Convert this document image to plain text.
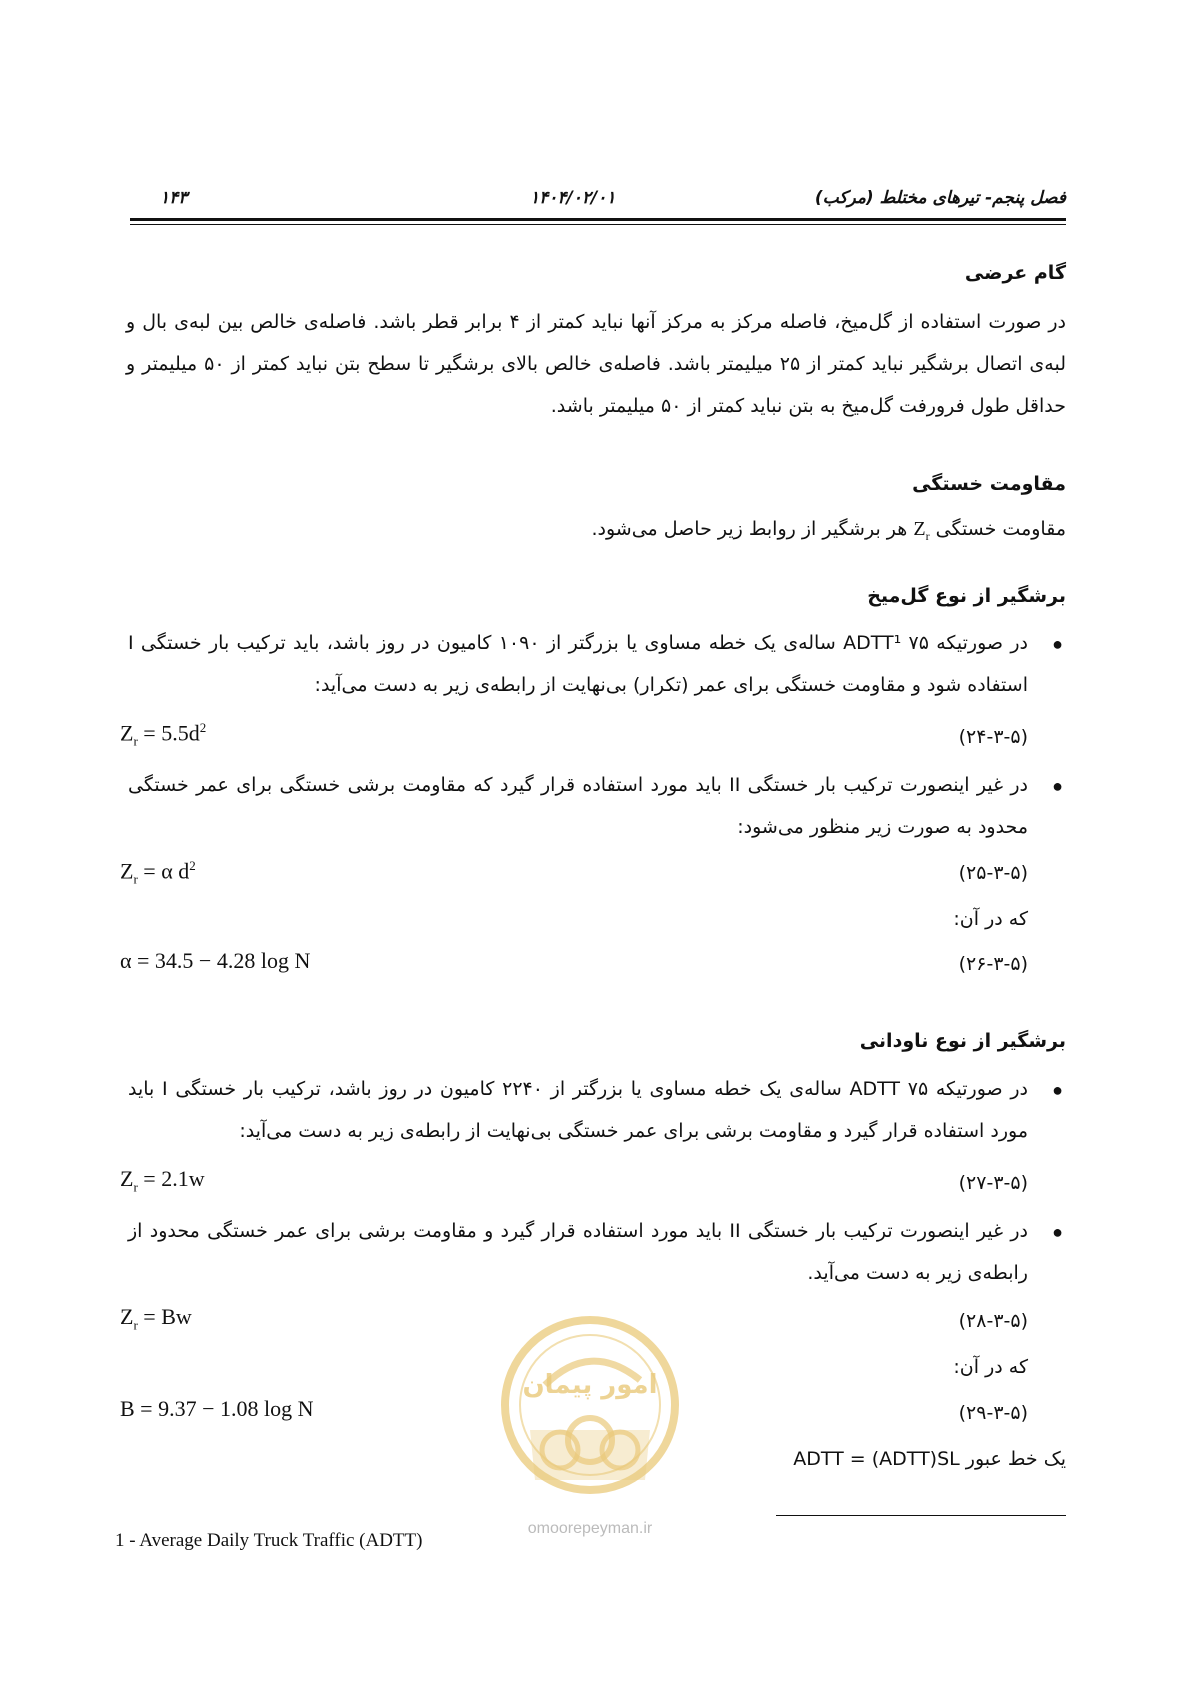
۱۴۳	۱۴۰۴/۰۲/۰۱	فصل پنجم- تیرهای مختلط (مرکب)
گام عرضی
در صورت استفاده از گل‌میخ، فاصله مرکز به مرکز آنها نباید کمتر از ۴ برابر قطر باشد. فاصله‌ی خالص بین لبه‌ی بال و لبه‌ی اتصال برشگیر نباید کمتر از ۲۵ میلیمتر باشد. فاصله‌ی خالص بالای برشگیر تا سطح بتن نباید کمتر از ۵۰ میلیمتر و حداقل طول فرورفت گل‌میخ به بتن نباید کمتر از ۵۰ میلیمتر باشد.
مقاومت خستگی
مقاومت خستگی $Z_r$ هر برشگیر از روابط زیر حاصل می‌شود.
برشگیر از نوع گل‌میخ
●
در صورتیکه ADTT¹ ۷۵ ساله‌ی یک خطه مساوی یا بزرگتر از ۱۰۹۰ کامیون در روز باشد، باید ترکیب بار خستگی I استفاده شود و مقاومت خستگی برای عمر (تکرار) بی‌نهایت از رابطه‌ی زیر به دست می‌آید:
$Z_r = 5.5d^2$	(۲۴-۳-۵)
●
در غیر اینصورت ترکیب بار خستگی II باید مورد استفاده قرار گیرد که مقاومت برشی خستگی برای عمر خستگی محدود به صورت زیر منظور می‌شود:
$Z_r = \alpha$ $d^2$	(۲۵-۳-۵)
که در آن:
α = 34.5 − 4.28 log N	(۲۶-۳-۵)
برشگیر از نوع ناودانی
●
در صورتیکه ۷۵ ADTT ساله‌ی یک خطه مساوی یا بزرگتر از ۲۲۴۰ کامیون در روز باشد، ترکیب بار خستگی I باید مورد استفاده قرار گیرد و مقاومت برشی برای عمر خستگی بی‌نهایت از رابطه‌ی زیر به دست می‌آید:
$Z_r = 2.1w$	(۲۷-۳-۵)
●
در غیر اینصورت ترکیب بار خستگی II باید مورد استفاده قرار گیرد و مقاومت برشی برای عمر خستگی محدود از رابطه‌ی زیر به دست می‌آید.
$Z_r = Bw$	(۲۸-۳-۵)
که در آن:
B = 9.37 − 1.08 log N	(۲۹-۳-۵)
ADTT = (ADTT)SL یک خط عبور
امور پیمان
omoorepeyman.ir
1 - Average Daily Truck Traffic (ADTT)
